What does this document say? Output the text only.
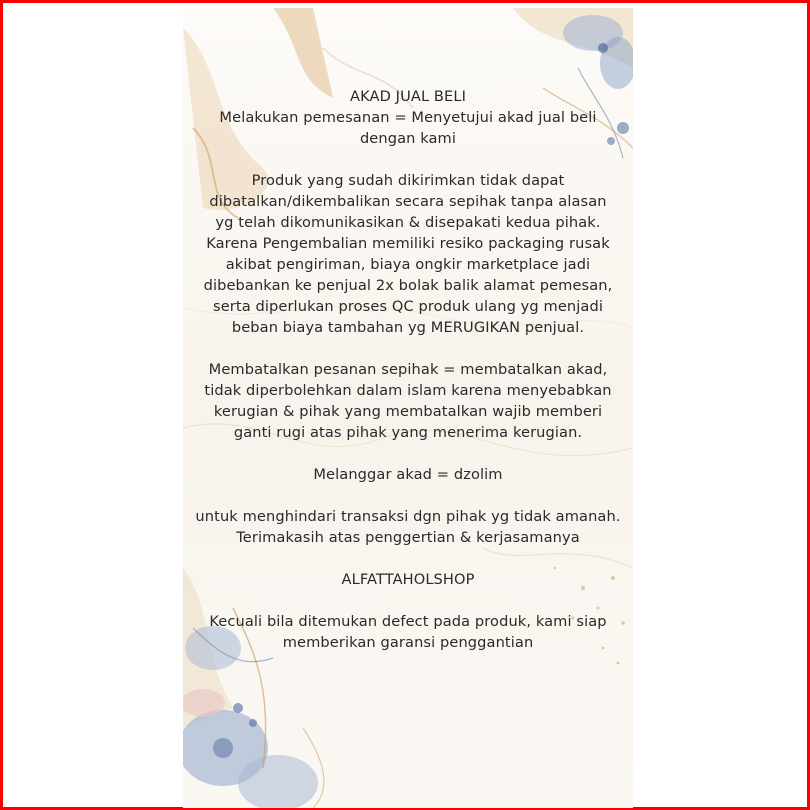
AKAD JUAL BELI

Melakukan pemesanan = Menyetujui akad jual beli

dengan kami

Produk yang sudah dikirimkan tidak dapat

dibatalkan/dikembalikan secara sepihak tanpa alasan

yg telah dikomunikasikan & disepakati kedua pihak.

Karena Pengembalian memiliki resiko packaging rusak

akibat pengiriman, biaya ongkir marketplace jadi

dibebankan ke penjual 2x bolak balik alamat pemesan,

serta diperlukan proses QC produk ulang yg menjadi

beban biaya tambahan yg MERUGIKAN penjual.

Membatalkan pesanan sepihak = membatalkan akad,

tidak diperbolehkan dalam islam karena menyebabkan

kerugian & pihak yang membatalkan wajib memberi

ganti rugi atas pihak yang menerima kerugian.

Melanggar akad = dzolim

untuk menghindari transaksi dgn pihak yg tidak amanah.

Terimakasih atas penggertian & kerjasamanya

ALFATTAHOLSHOP

Kecuali bila ditemukan defect pada produk, kami siap

memberikan garansi penggantian
